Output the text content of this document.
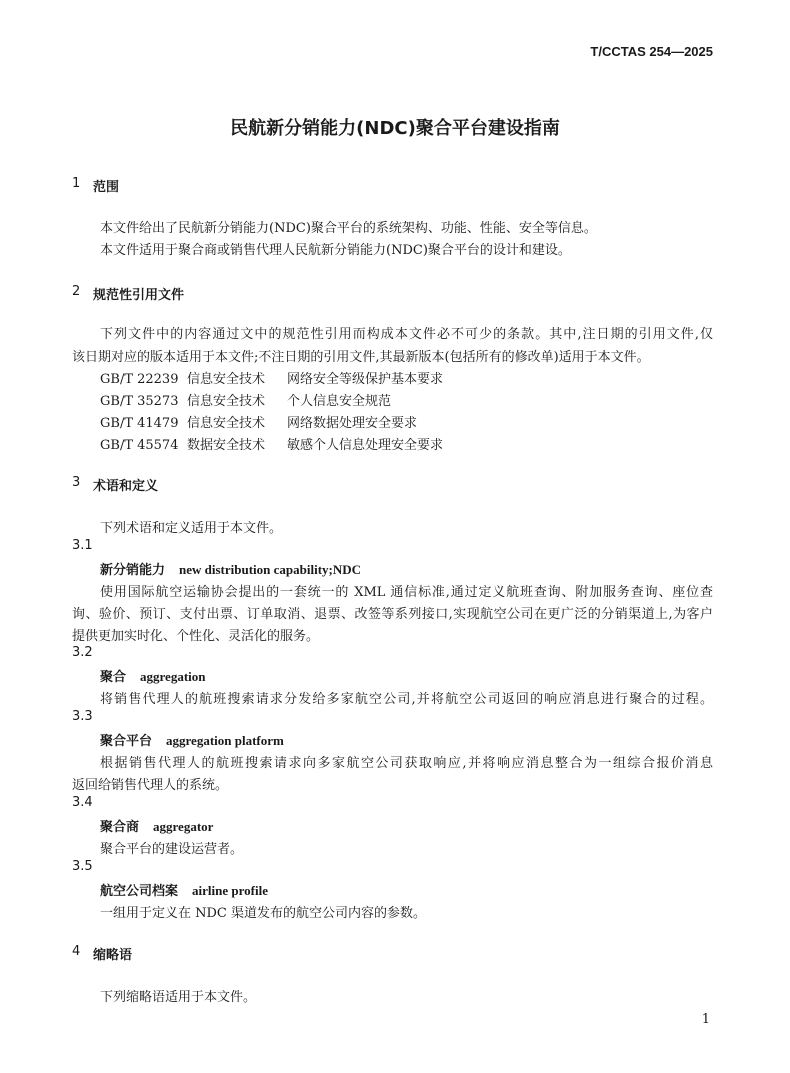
T/CCTAS 254—2025
民航新分销能力(NDC)聚合平台建设指南
1 范围
本文件给出了民航新分销能力(NDC)聚合平台的系统架构、功能、性能、安全等信息。
本文件适用于聚合商或销售代理人民航新分销能力(NDC)聚合平台的设计和建设。
2 规范性引用文件
下列文件中的内容通过文中的规范性引用而构成本文件必不可少的条款。其中,注日期的引用文件,仅
该日期对应的版本适用于本文件;不注日期的引用文件,其最新版本(包括所有的修改单)适用于本文件。
GB/T 22239 信息安全技术 网络安全等级保护基本要求
GB/T 35273 信息安全技术 个人信息安全规范
GB/T 41479 信息安全技术 网络数据处理安全要求
GB/T 45574 数据安全技术 敏感个人信息处理安全要求
3 术语和定义
下列术语和定义适用于本文件。
3.1
新分销能力 new distribution capability;NDC
使用国际航空运输协会提出的一套统一的 XML 通信标准,通过定义航班查询、附加服务查询、座位查
询、验价、预订、支付出票、订单取消、退票、改签等系列接口,实现航空公司在更广泛的分销渠道上,为客户
提供更加实时化、个性化、灵活化的服务。
3.2
聚合 aggregation
将销售代理人的航班搜索请求分发给多家航空公司,并将航空公司返回的响应消息进行聚合的过程。
3.3
聚合平台 aggregation platform
根据销售代理人的航班搜索请求向多家航空公司获取响应,并将响应消息整合为一组综合报价消息
返回给销售代理人的系统。
3.4
聚合商 aggregator
聚合平台的建设运营者。
3.5
航空公司档案 airline profile
一组用于定义在 NDC 渠道发布的航空公司内容的参数。
4 缩略语
下列缩略语适用于本文件。
1
